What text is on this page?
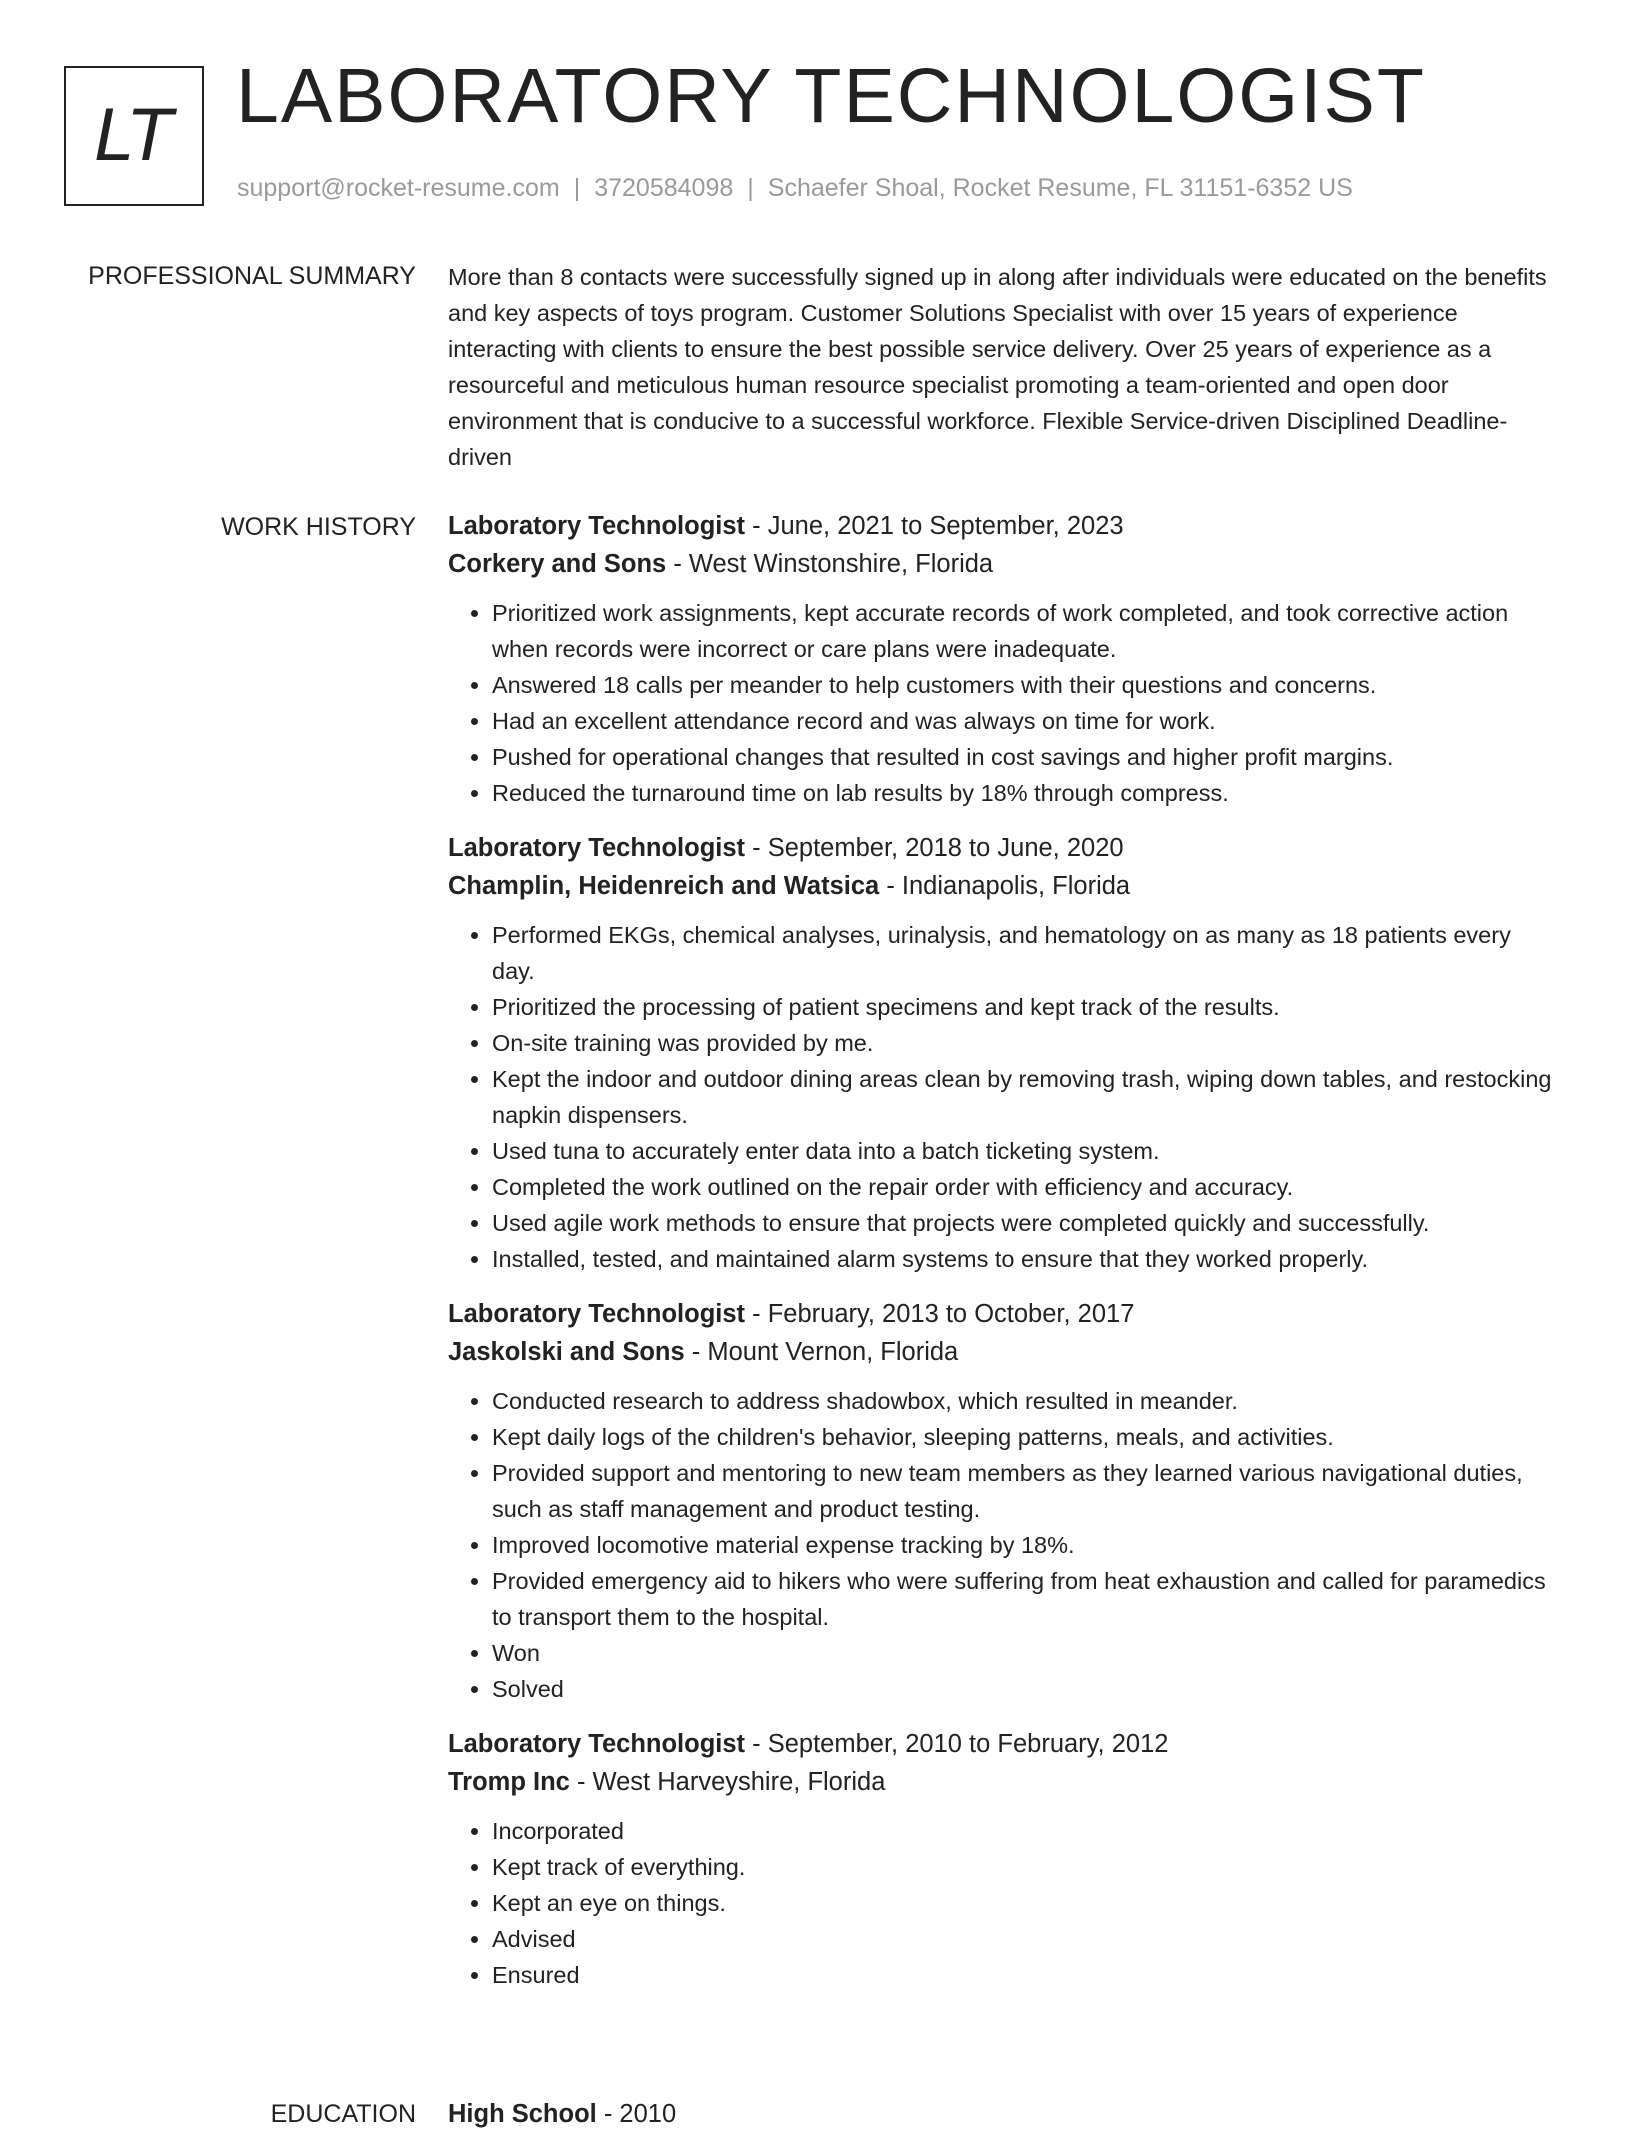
LT LABORATORY TECHNOLOGIST
support@rocket-resume.com | 3720584098 | Schaefer Shoal, Rocket Resume, FL 31151-6352 US
PROFESSIONAL SUMMARY More than 8 contacts were successfully signed up in along after individuals were educated on the benefits and key aspects of toys program. Customer Solutions Specialist with over 15 years of experience interacting with clients to ensure the best possible service delivery. Over 25 years of experience as a resourceful and meticulous human resource specialist promoting a team-oriented and open door environment that is conducive to a successful workforce. Flexible Service-driven Disciplined Deadline-driven
WORK HISTORY Laboratory Technologist - June, 2021 to September, 2023
Corkery and Sons - West Winstonshire, Florida
• Prioritized work assignments, kept accurate records of work completed, and took corrective action when records were incorrect or care plans were inadequate.
• Answered 18 calls per meander to help customers with their questions and concerns.
• Had an excellent attendance record and was always on time for work.
• Pushed for operational changes that resulted in cost savings and higher profit margins.
• Reduced the turnaround time on lab results by 18% through compress.
Laboratory Technologist - September, 2018 to June, 2020
Champlin, Heidenreich and Watsica - Indianapolis, Florida
• Performed EKGs, chemical analyses, urinalysis, and hematology on as many as 18 patients every day.
• Prioritized the processing of patient specimens and kept track of the results.
• On-site training was provided by me.
• Kept the indoor and outdoor dining areas clean by removing trash, wiping down tables, and restocking napkin dispensers.
• Used tuna to accurately enter data into a batch ticketing system.
• Completed the work outlined on the repair order with efficiency and accuracy.
• Used agile work methods to ensure that projects were completed quickly and successfully.
• Installed, tested, and maintained alarm systems to ensure that they worked properly.
Laboratory Technologist - February, 2013 to October, 2017
Jaskolski and Sons - Mount Vernon, Florida
• Conducted research to address shadowbox, which resulted in meander.
• Kept daily logs of the children's behavior, sleeping patterns, meals, and activities.
• Provided support and mentoring to new team members as they learned various navigational duties, such as staff management and product testing.
• Improved locomotive material expense tracking by 18%.
• Provided emergency aid to hikers who were suffering from heat exhaustion and called for paramedics to transport them to the hospital.
• Won
• Solved
Laboratory Technologist - September, 2010 to February, 2012
Tromp Inc - West Harveyshire, Florida
• Incorporated
• Kept track of everything.
• Kept an eye on things.
• Advised
• Ensured
EDUCATION High School - 2010
